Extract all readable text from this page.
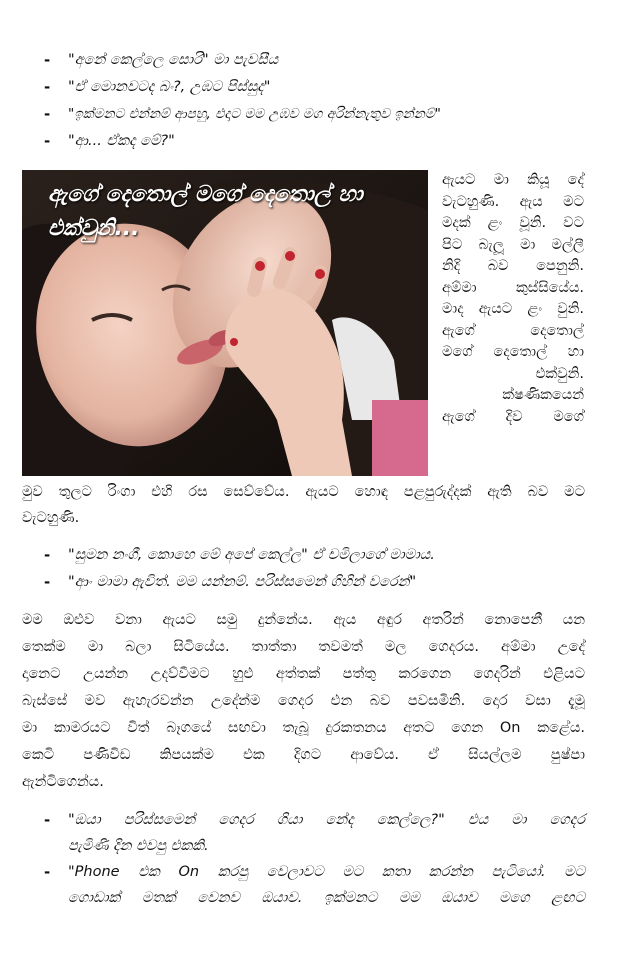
- "අනේ කෙල්ලෙ සොරි" මා පැවසීය
- "ඒ මොනවටද බං?, උඹට පිස්සුද"
- "ඉක්මනට එන්නම් ආපහු, එදාට මම උඹව මග අරින්නැතුව ඉන්නම්"
- "ආ... ඒකද මේ?"
ඇගේ දෙතොල් මගේ දෙතොල් හා එක්වුනි...
ඇයට මා කියූ දේ
වැටහුණි. ඇය මට
මදක් ළං වූනි. වට
පිට බැලූ මා මල්ලී
නිදි බව පෙනුනි.
අම්මා කුස්සියේය.
මාද ඇයට ළං වුනි.
ඇගේ දෙතොල්
මගේ දෙතොල් හා
එක්වුනි.
ක්ෂණිකයෙන්
ඇගේ දිව මගේ
මුව තුලට රිංගා එහි රස සෙව්වේය. ඇයට හොඳ පළපුරුද්දක් ඇති බව මට
වැටහුණි.
- "සුමන නංගී, කොහෙ මේ අපේ කෙල්ල" ඒ චමිලාගේ මාමාය.
- "ආං මාමා ඇවිත්. මම යන්නම්. පරිස්සමෙන් ගිහින් වරෙන්"
මම ඔළුව වනා ඇයට සමු දුන්නේය. ඇය අඳුර අතරින් නොපෙනී යන
තෙක්ම මා බලා සිටියේය. තාත්තා තවමත් මල ගෙදරය. අම්මා උදේ
දානෙට උයන්න උදව්වීමට හුළු අත්තක් පත්තු කරගෙන ගෙදරින් එළියට
බැස්සේ මව ඇහැරවන්න උදේන්ම ගෙදර එන බව පවසමිනි. දොර වසා දැමූ
මා කාමරයට විත් බෑගයේ සඟවා තැබූ දුරකතනය අතට ගෙන On කළේය.
කෙටි පණිවිඩ කිපයක්ම එක දිගට ආවේය. ඒ සියල්ලම පුෂ්පා
ඇන්ටිගෙන්ය.
- "ඔයා පරිස්සමෙන් ගෙදර ගියා නේද කෙල්ලෙ?" එය මා ගෙදර
පැමිණි දින එවපු එකකි.
- "Phone එක On කරපු වෙලාවට මට කතා කරන්න පැටියෝ. මට
ගොඩාක් මතක් වෙනව ඔයාව. ඉක්මනට මම ඔයාව මගෙ ළඟට
